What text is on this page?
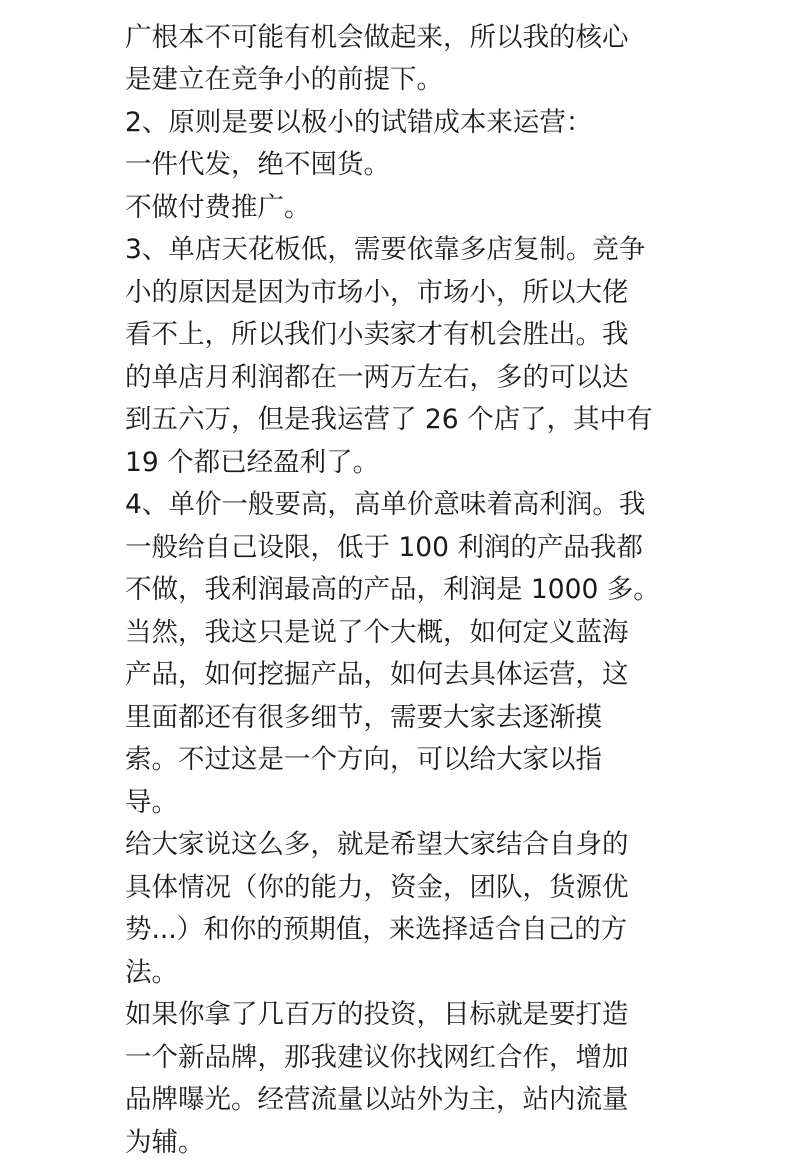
广根本不可能有机会做起来，所以我的核心
是建立在竞争小的前提下。
2、原则是要以极小的试错成本来运营：
一件代发，绝不囤货。
不做付费推广。
3、单店天花板低，需要依靠多店复制。竞争
小的原因是因为市场小，市场小，所以大佬
看不上，所以我们小卖家才有机会胜出。我
的单店月利润都在一两万左右，多的可以达
到五六万，但是我运营了 26 个店了，其中有
19 个都已经盈利了。
4、单价一般要高，高单价意味着高利润。我
一般给自己设限，低于 100 利润的产品我都
不做，我利润最高的产品，利润是 1000 多。
当然，我这只是说了个大概，如何定义蓝海
产品，如何挖掘产品，如何去具体运营，这
里面都还有很多细节，需要大家去逐渐摸
索。不过这是一个方向，可以给大家以指
导。
给大家说这么多，就是希望大家结合自身的
具体情况（你的能力，资金，团队，货源优
势...）和你的预期值，来选择适合自己的方
法。
如果你拿了几百万的投资，目标就是要打造
一个新品牌，那我建议你找网红合作，增加
品牌曝光。经营流量以站外为主，站内流量
为辅。
